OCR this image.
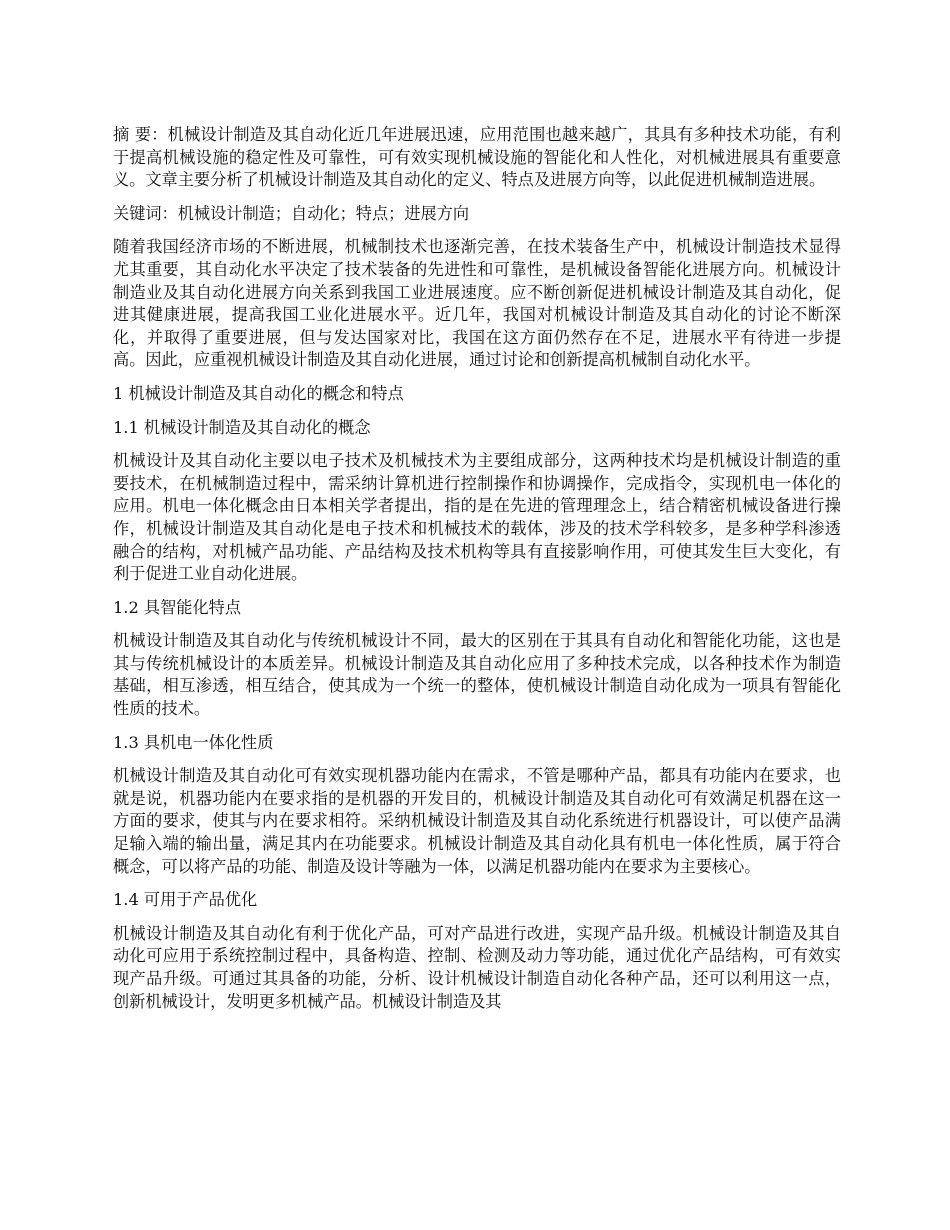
摘 要：机械设计制造及其自动化近几年进展迅速，应用范围也越来越广，其具有多种技术功能，有利于提高机械设施的稳定性及可靠性，可有效实现机械设施的智能化和人性化，对机械进展具有重要意义。文章主要分析了机械设计制造及其自动化的定义、特点及进展方向等，以此促进机械制造进展。

关键词：机械设计制造；自动化；特点；进展方向

随着我国经济市场的不断进展，机械制技术也逐渐完善，在技术装备生产中，机械设计制造技术显得尤其重要，其自动化水平决定了技术装备的先进性和可靠性，是机械设备智能化进展方向。机械设计制造业及其自动化进展方向关系到我国工业进展速度。应不断创新促进机械设计制造及其自动化，促进其健康进展，提高我国工业化进展水平。近几年，我国对机械设计制造及其自动化的讨论不断深化，并取得了重要进展，但与发达国家对比，我国在这方面仍然存在不足，进展水平有待进一步提高。因此，应重视机械设计制造及其自动化进展，通过讨论和创新提高机械制自动化水平。

1 机械设计制造及其自动化的概念和特点

1.1 机械设计制造及其自动化的概念

机械设计及其自动化主要以电子技术及机械技术为主要组成部分，这两种技术均是机械设计制造的重要技术，在机械制造过程中，需采纳计算机进行控制操作和协调操作，完成指令，实现机电一体化的应用。机电一体化概念由日本相关学者提出，指的是在先进的管理理念上，结合精密机械设备进行操作，机械设计制造及其自动化是电子技术和机械技术的载体，涉及的技术学科较多，是多种学科渗透融合的结构，对机械产品功能、产品结构及技术机构等具有直接影响作用，可使其发生巨大变化，有利于促进工业自动化进展。

1.2 具智能化特点

机械设计制造及其自动化与传统机械设计不同，最大的区别在于其具有自动化和智能化功能，这也是其与传统机械设计的本质差异。机械设计制造及其自动化应用了多种技术完成，以各种技术作为制造基础，相互渗透，相互结合，使其成为一个统一的整体，使机械设计制造自动化成为一项具有智能化性质的技术。

1.3 具机电一体化性质

机械设计制造及其自动化可有效实现机器功能内在需求，不管是哪种产品，都具有功能内在要求，也就是说，机器功能内在要求指的是机器的开发目的，机械设计制造及其自动化可有效满足机器在这一方面的要求，使其与内在要求相符。采纳机械设计制造及其自动化系统进行机器设计，可以使产品满足输入端的输出量，满足其内在功能要求。机械设计制造及其自动化具有机电一体化性质，属于符合概念，可以将产品的功能、制造及设计等融为一体，以满足机器功能内在要求为主要核心。

1.4 可用于产品优化

机械设计制造及其自动化有利于优化产品，可对产品进行改进，实现产品升级。机械设计制造及其自动化可应用于系统控制过程中，具备构造、控制、检测及动力等功能，通过优化产品结构，可有效实现产品升级。可通过其具备的功能，分析、设计机械设计制造自动化各种产品，还可以利用这一点，创新机械设计，发明更多机械产品。机械设计制造及其
